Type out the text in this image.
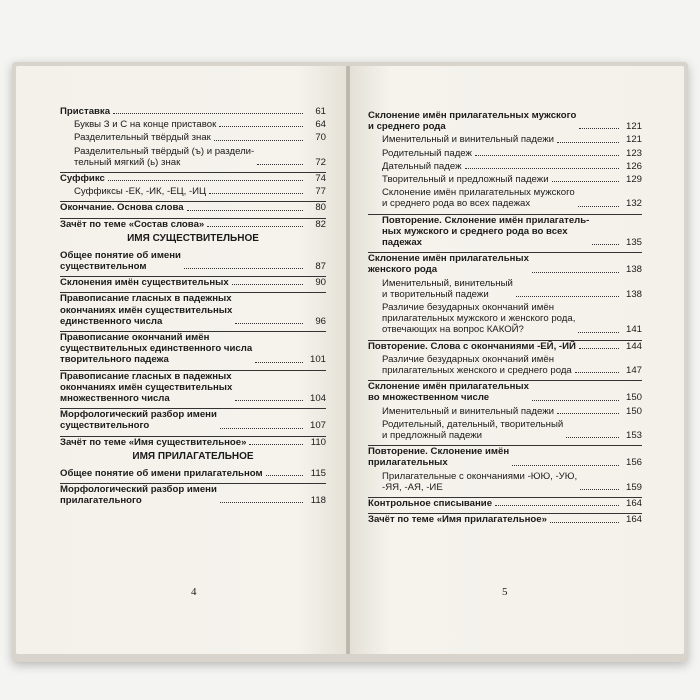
Приставка	61
Буквы З и С на конце приставок	64
Разделительный твёрдый знак	70
Разделительный твёрдый (ъ) и раздели-
тельный мягкий (ь) знак	72
Суффикс	74
Суффиксы -ЕК, -ИК, -ЕЦ, -ИЦ	77
Окончание. Основа слова	80
Зачёт по теме «Состав слова»	82
ИМЯ СУЩЕСТВИТЕЛЬНОЕ
Общее понятие об имени
существительном	87
Склонения имён существительных	90
Правописание гласных в падежных
окончаниях имён существительных
единственного числа	96
Правописание окончаний имён
существительных единственного числа
творительного падежа	101
Правописание гласных в падежных
окончаниях имён существительных
множественного числа	104
Морфологический разбор имени
существительного	107
Зачёт по теме «Имя существительное»	110
ИМЯ ПРИЛАГАТЕЛЬНОЕ
Общее понятие об имени прилагательном	115
Морфологический разбор имени
прилагательного	118
4
Склонение имён прилагательных мужского
и среднего рода	121
Именительный и винительный падежи	121
Родительный падеж	123
Дательный падеж	126
Творительный и предложный падежи	129
Склонение имён прилагательных мужского
и среднего рода во всех падежах	132
Повторение. Склонение имён прилагатель-
ных мужского и среднего рода во всех
падежах	135
Склонение имён прилагательных
женского рода	138
Именительный, винительный
и творительный падежи	138
Различие безударных окончаний имён
прилагательных мужского и женского рода,
отвечающих на вопрос КАКОЙ?	141
Повторение. Слова с окончаниями -ЕЙ, -ИЙ	144
Различие безударных окончаний имён
прилагательных женского и среднего рода	147
Склонение имён прилагательных
во множественном числе	150
Именительный и винительный падежи	150
Родительный, дательный, творительный
и предложный падежи	153
Повторение. Склонение имён
прилагательных	156
Прилагательные с окончаниями -ЮЮ, -УЮ,
-ЯЯ, -АЯ, -ИЕ	159
Контрольное списывание	164
Зачёт по теме «Имя прилагательное»	164
5
